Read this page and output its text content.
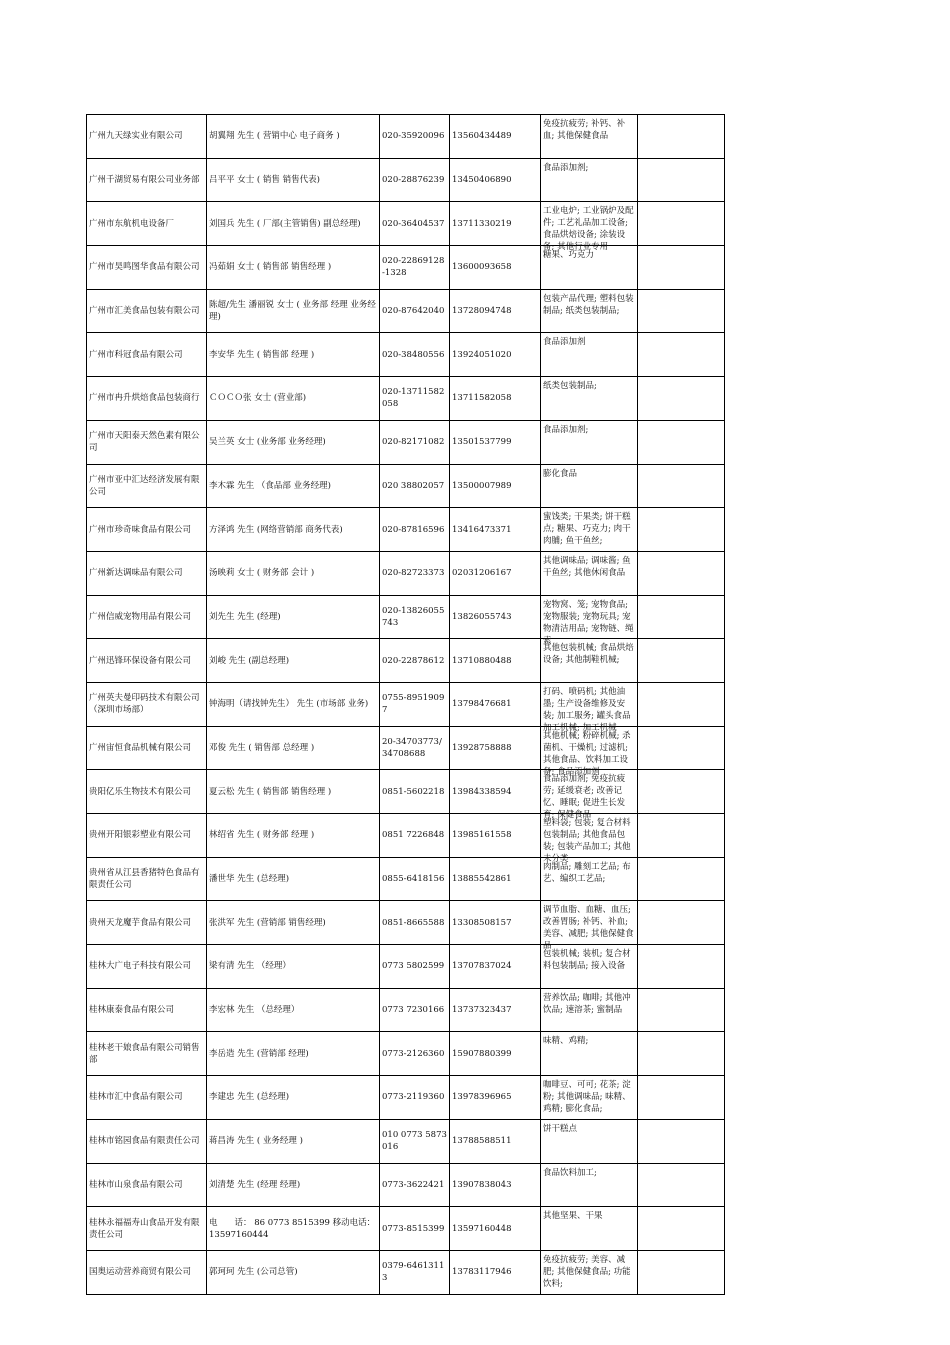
广州九天绿实业有限公司	胡翼翔 先生 ( 营销中心 电子商务 )	020-35920096	13560434489	免疫抗疲劳; 补钙、补血; 其他保健食品	

广州千湖贸易有限公司业务部	吕平平 女士 ( 销售 销售代表)	020-28876239	13450406890	食品添加剂;	

广州市东航机电设备厂	刘国兵 先生 ( 厂部(主管销售) 副总经理)	020-36404537	13711330219	工业电炉; 工业锅炉及配件; 工艺礼品加工设备; 食品烘焙设备; 涂装设备; 其他行业专用	

广州市昊鸣图华食品有限公司	冯茹娟 女士 ( 销售部 销售经理 )	020-22869128-1328	13600093658	糖果、巧克力	

广州市汇美食品包装有限公司	陈超/先生 潘丽锐 女士 ( 业务部 经理 业务经理)	020-87642040	13728094748	包装产品代理; 塑料包装制品; 纸类包装制品;	

广州市科冠食品有限公司	李安华 先生 ( 销售部 经理 )	020-38480556	13924051020	食品添加剂	

广州市冉升烘焙食品包装商行	ＣＯＣＯ张 女士 (营业部)	020-13711582058	13711582058	纸类包装制品;	

广州市天阳泰天然色素有限公司	吴兰英 女士 (业务部 业务经理)	020-82171082	13501537799	食品添加剂;	

广州市亚中汇达经济发展有限公司	李木霖 先生 （食品部 业务经理)	020 38802057	13500007989	膨化食品	

广州市珍奇味食品有限公司	方泽鸿 先生 (网络营销部 商务代表)	020-87816596	13416473371	蜜饯类; 干果类; 饼干糕点; 糖果、巧克力; 肉干肉脯; 鱼干鱼丝;	

广州新达调味品有限公司	汤映莉 女士 ( 财务部 会计 )	020-82723373	02031206167	其他调味品; 调味酱; 鱼干鱼丝; 其他休闲食品	

广州信威宠物用品有限公司	刘先生 先生 (经理)	020-13826055743	13826055743	宠物窝、笼; 宠物食品; 宠物服装; 宠物玩具; 宠物清洁用品; 宠物链、绳索	

广州迅锋环保设备有限公司	刘峻 先生 (副总经理)	020-22878612	13710880488	其他包装机械; 食品烘焙设备; 其他制鞋机械;	

广州英夫曼印码技术有限公司（深圳市场部）	钟海明（请找钟先生） 先生 (市场部 业务)	0755-89519097	13798476681	打码、喷码机; 其他油墨; 生产设备维修及安装; 加工服务; 罐头食品加工机械; 加工机械	

广州宙恒食品机械有限公司	邓俊 先生 ( 销售部 总经理 )	20-34703773/34708688	13928758888	其他机械; 粉碎机械; 杀菌机、干燥机; 过滤机; 其他食品、饮料加工设备; 食品添加剂	

贵阳亿乐生物技术有限公司	夏云松 先生 ( 销售部 销售经理 )	0851-5602218	13984338594	食品添加剂; 免疫抗疲劳; 延缓衰老; 改善记忆、睡眠; 促进生长发育; 保健食品	

贵州开阳银彩塑业有限公司	林绍省 先生 ( 财务部 经理 )	0851 7226848	13985161558	塑料袋; 包装; 复合材料包装制品; 其他食品包装; 包装产品加工; 其他未分类	

贵州省从江县香猪特色食品有限责任公司	潘世华 先生 (总经理)	0855-6418156	13885542861	肉制品; 雕刻工艺品; 布艺、编织工艺品;	

贵州天龙魔芋食品有限公司	张洪军 先生 (营销部 销售经理)	0851-8665588	13308508157	调节血脂、血糖、血压; 改善胃肠; 补钙、补血; 美容、减肥; 其他保健食品	

桂林大广电子科技有限公司	梁有清 先生 （经理）	0773 5802599	13707837024	包装机械; 装机; 复合材料包装制品; 接入设备	

桂林康泰食品有限公司	李宏林 先生 （总经理）	0773 7230166	13737323437	营养饮品; 咖啡; 其他冲饮品; 速溶茶; 蜜制品	

桂林老干娘食品有限公司销售部	李岳造 先生 (营销部 经理)	0773-2126360	15907880399	味精、鸡精;	

桂林市汇中食品有限公司	李建忠 先生 (总经理)	0773-2119360	13978396965	咖啡豆、可可; 花茶; 淀粉; 其他调味品; 味精、鸡精; 膨化食品;	

桂林市铭园食品有限责任公司	蒋昌涛 先生 ( 业务经理 )	010 0773 5873016	13788588511	饼干糕点	

桂林市山泉食品有限公司	刘清楚 先生 (经理 经理)	0773-3622421	13907838043	食品饮料加工;	

桂林永福福寿山食品开发有限责任公司	电　　话： 86 0773 8515399 移动电话：13597160444	0773-8515399	13597160448	其他坚果、干果	

国奥运动营养商贸有限公司	郭珂珂 先生 (公司总管)	0379-64613113	13783117946	免疫抗疲劳; 美容、减肥; 其他保健食品; 功能饮料;	
